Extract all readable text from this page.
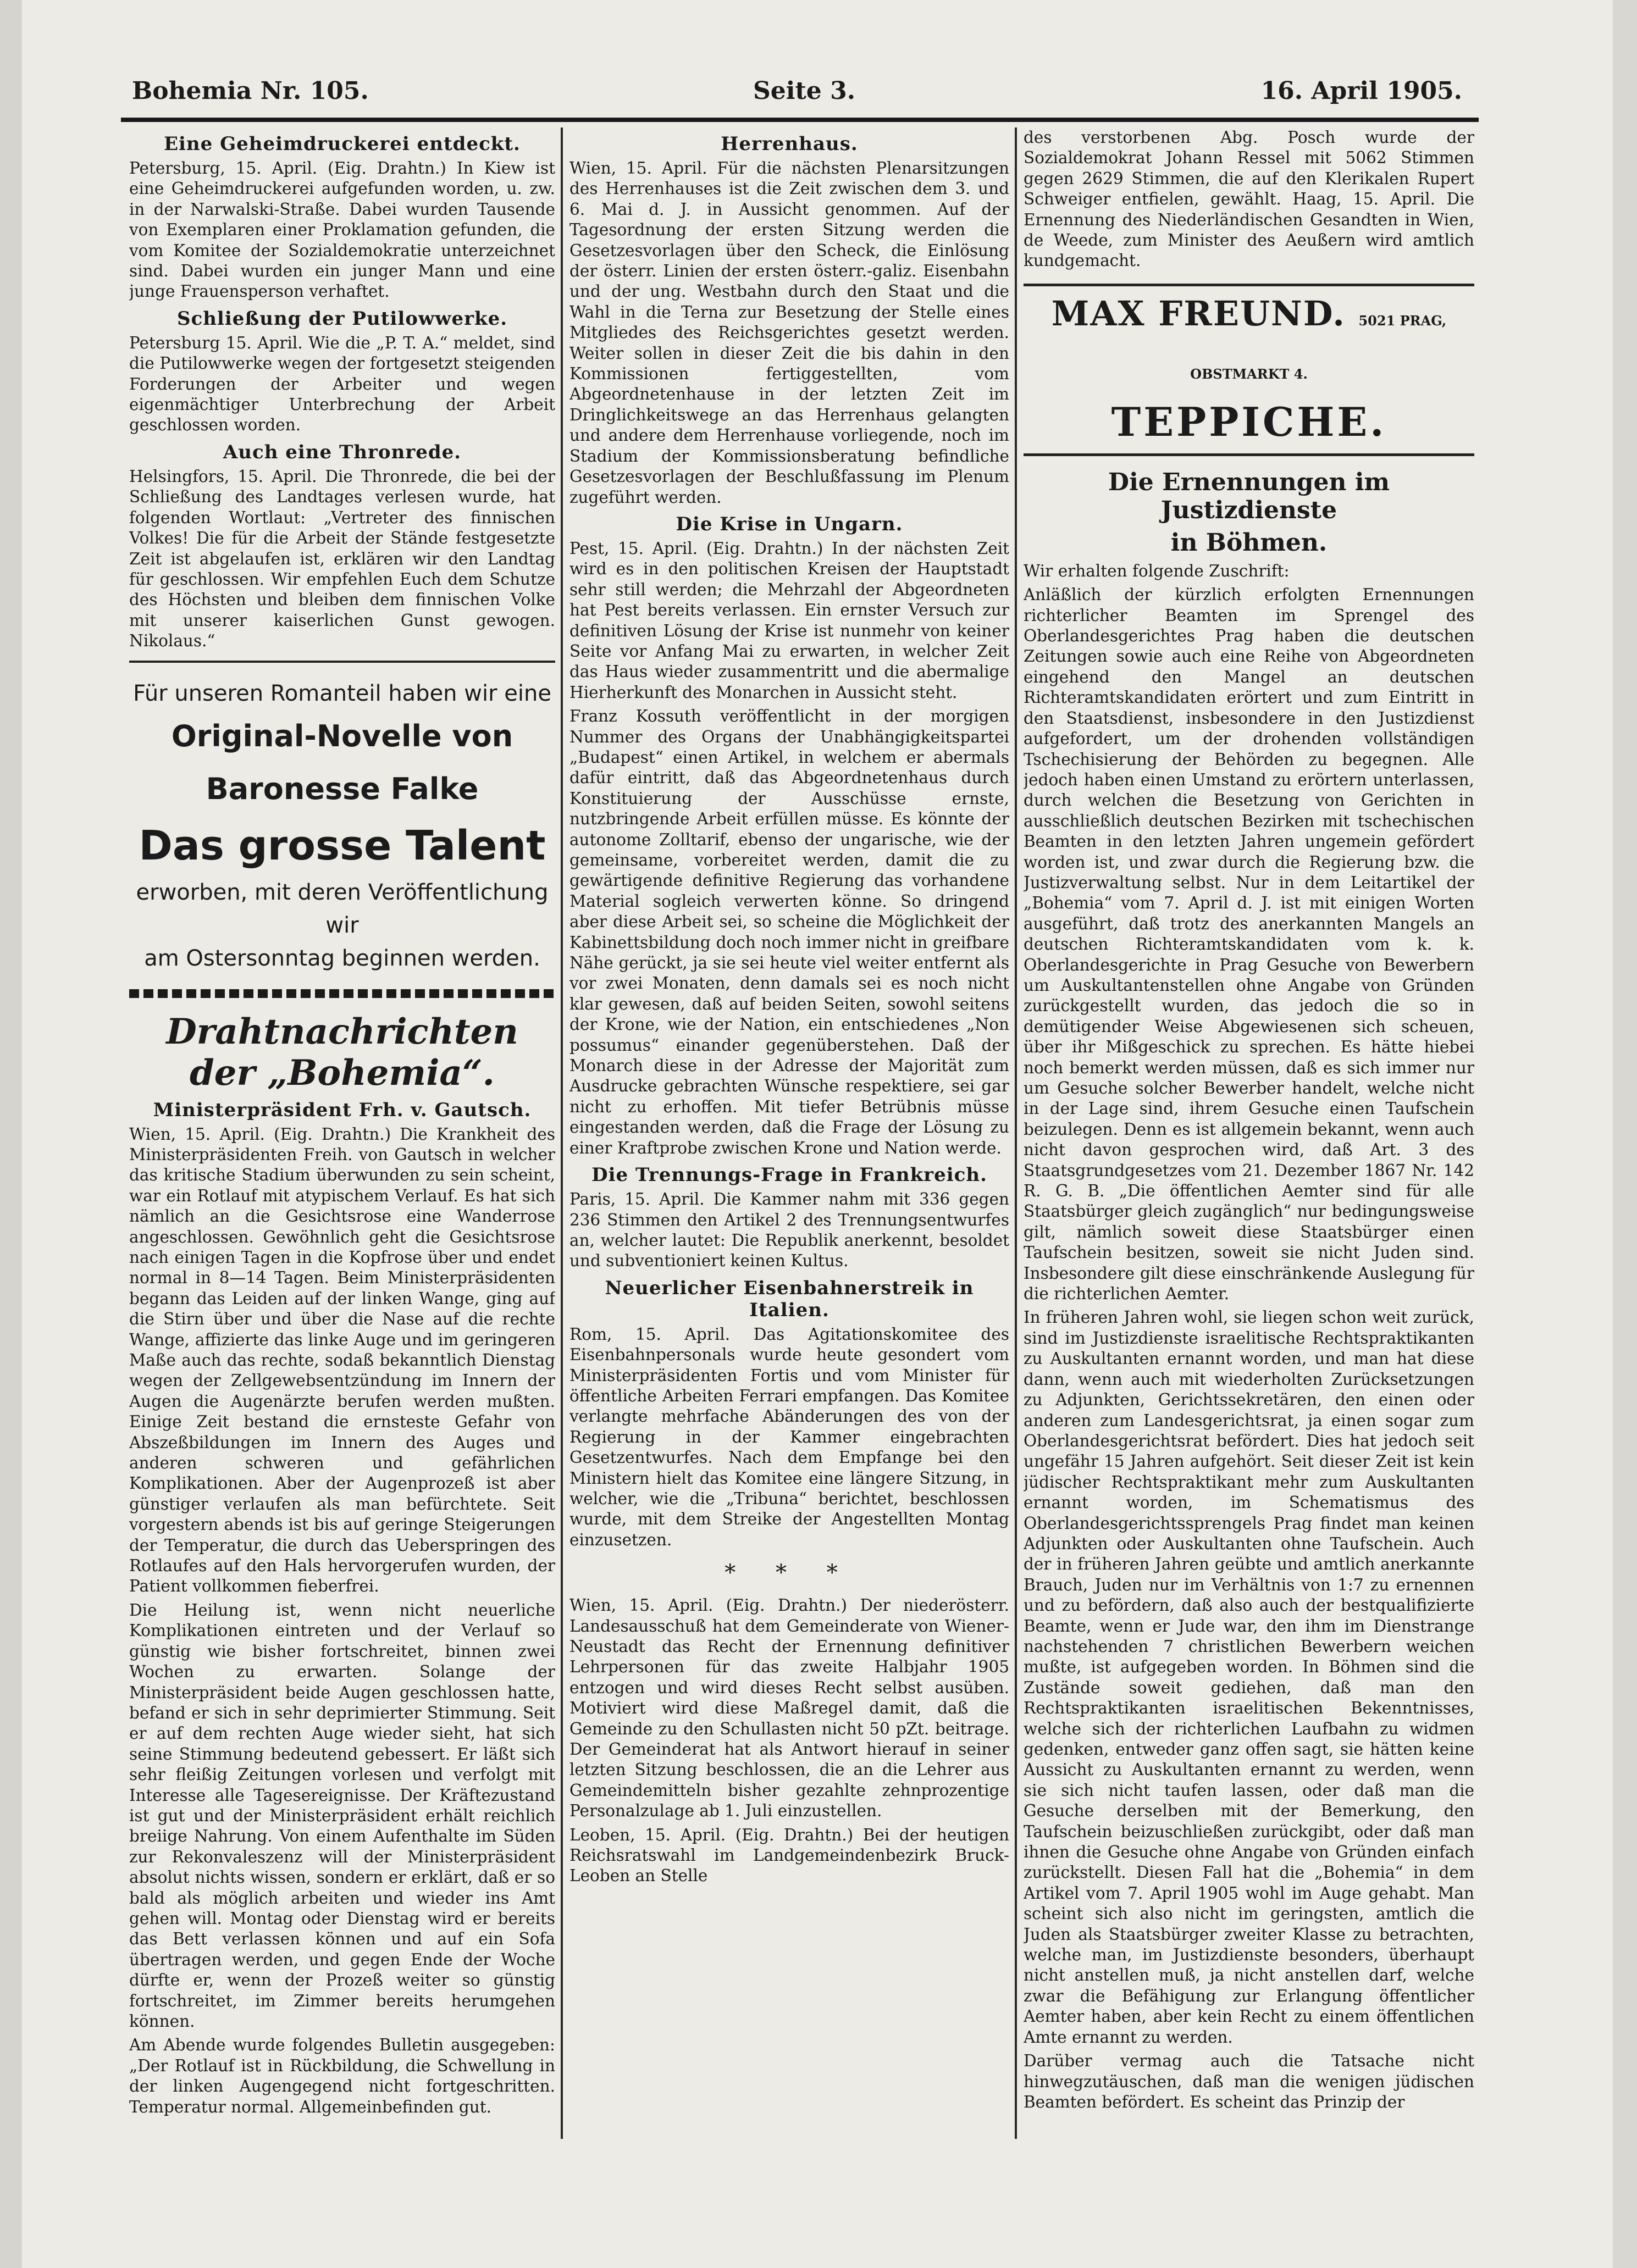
Bohemia Nr. 105.	Seite 3.	16. April 1905.
Eine Geheimdruckerei entdeckt.

Petersburg, 15. April. (Eig. Drahtn.) In Kiew ist eine Geheimdruckerei aufgefunden worden, u. zw. in der Narwalski-Straße. Dabei wurden Tausende von Exemplaren einer Proklamation gefunden, die vom Komitee der Sozialdemokratie unterzeichnet sind. Dabei wurden ein junger Mann und eine junge Frauensperson verhaftet.

Schließung der Putilowwerke.

Petersburg 15. April. Wie die „P. T. A.“ meldet, sind die Putilowwerke wegen der fortgesetzt steigenden Forderungen der Arbeiter und wegen eigenmächtiger Unterbrechung der Arbeit geschlossen worden.

Auch eine Thronrede.

Helsingfors, 15. April. Die Thronrede, die bei der Schließung des Landtages verlesen wurde, hat folgenden Wortlaut: „Vertreter des finnischen Volkes! Die für die Arbeit der Stände festgesetzte Zeit ist abgelaufen ist, erklären wir den Landtag für geschlossen. Wir empfehlen Euch dem Schutze des Höchsten und bleiben dem finnischen Volke mit unserer kaiserlichen Gunst gewogen. Nikolaus.“

Für unseren Romanteil haben wir eine
Original-Novelle von Baronesse Falke
Das grosse Talent
erworben, mit deren Veröffentlichung wir
am Ostersonntag beginnen werden.
Drahtnachrichten der „Bohemia“.
Ministerpräsident Frh. v. Gautsch.

Wien, 15. April. (Eig. Drahtn.) Die Krankheit des Ministerpräsidenten Freih. von Gautsch in welcher das kritische Stadium überwunden zu sein scheint, war ein Rotlauf mit atypischem Verlauf. Es hat sich nämlich an die Gesichtsrose eine Wanderrose angeschlossen. Gewöhnlich geht die Gesichtsrose nach einigen Tagen in die Kopfrose über und endet normal in 8—14 Tagen. Beim Ministerpräsidenten begann das Leiden auf der linken Wange, ging auf die Stirn über und über die Nase auf die rechte Wange, affizierte das linke Auge und im geringeren Maße auch das rechte, sodaß bekanntlich Dienstag wegen der Zellgewebsentzündung im Innern der Augen die Augenärzte berufen werden mußten. Einige Zeit bestand die ernsteste Gefahr von Abszeßbildungen im Innern des Auges und anderen schweren und gefährlichen Komplikationen. Aber der Augenprozeß ist aber günstiger verlaufen als man befürchtete. Seit vorgestern abends ist bis auf geringe Steigerungen der Temperatur, die durch das Ueberspringen des Rotlaufes auf den Hals hervorgerufen wurden, der Patient vollkommen fieberfrei.

Die Heilung ist, wenn nicht neuerliche Komplikationen eintreten und der Verlauf so günstig wie bisher fortschreitet, binnen zwei Wochen zu erwarten. Solange der Ministerpräsident beide Augen geschlossen hatte, befand er sich in sehr deprimierter Stimmung. Seit er auf dem rechten Auge wieder sieht, hat sich seine Stimmung bedeutend gebessert. Er läßt sich sehr fleißig Zeitungen vorlesen und verfolgt mit Interesse alle Tagesereignisse. Der Kräftezustand ist gut und der Ministerpräsident erhält reichlich breiige Nahrung. Von einem Aufenthalte im Süden zur Rekonvaleszenz will der Ministerpräsident absolut nichts wissen, sondern er erklärt, daß er so bald als möglich arbeiten und wieder ins Amt gehen will. Montag oder Dienstag wird er bereits das Bett verlassen können und auf ein Sofa übertragen werden, und gegen Ende der Woche dürfte er, wenn der Prozeß weiter so günstig fortschreitet, im Zimmer bereits herumgehen können.

Am Abende wurde folgendes Bulletin ausgegeben: „Der Rotlauf ist in Rückbildung, die Schwellung in der linken Augengegend nicht fortgeschritten. Temperatur normal. Allgemeinbefinden gut.

Herrenhaus.

Wien, 15. April. Für die nächsten Plenarsitzungen des Herrenhauses ist die Zeit zwischen dem 3. und 6. Mai d. J. in Aussicht genommen. Auf der Tagesordnung der ersten Sitzung werden die Gesetzesvorlagen über den Scheck, die Einlösung der österr. Linien der ersten österr.-galiz. Eisenbahn und der ung. Westbahn durch den Staat und die Wahl in die Terna zur Besetzung der Stelle eines Mitgliedes des Reichsgerichtes gesetzt werden. Weiter sollen in dieser Zeit die bis dahin in den Kommissionen fertiggestellten, vom Abgeordnetenhause in der letzten Zeit im Dringlichkeitswege an das Herrenhaus gelangten und andere dem Herrenhause vorliegende, noch im Stadium der Kommissionsberatung befindliche Gesetzesvorlagen der Beschlußfassung im Plenum zugeführt werden.

Die Krise in Ungarn.

Pest, 15. April. (Eig. Drahtn.) In der nächsten Zeit wird es in den politischen Kreisen der Hauptstadt sehr still werden; die Mehrzahl der Abgeordneten hat Pest bereits verlassen. Ein ernster Versuch zur definitiven Lösung der Krise ist nunmehr von keiner Seite vor Anfang Mai zu erwarten, in welcher Zeit das Haus wieder zusammentritt und die abermalige Hierherkunft des Monarchen in Aussicht steht.

Franz Kossuth veröffentlicht in der morgigen Nummer des Organs der Unabhängigkeitspartei „Budapest“ einen Artikel, in welchem er abermals dafür eintritt, daß das Abgeordnetenhaus durch Konstituierung der Ausschüsse ernste, nutzbringende Arbeit erfüllen müsse. Es könnte der autonome Zolltarif, ebenso der ungarische, wie der gemeinsame, vorbereitet werden, damit die zu gewärtigende definitive Regierung das vorhandene Material sogleich verwerten könne. So dringend aber diese Arbeit sei, so scheine die Möglichkeit der Kabinettsbildung doch noch immer nicht in greifbare Nähe gerückt, ja sie sei heute viel weiter entfernt als vor zwei Monaten, denn damals sei es noch nicht klar gewesen, daß auf beiden Seiten, sowohl seitens der Krone, wie der Nation, ein entschiedenes „Non possumus“ einander gegenüberstehen. Daß der Monarch diese in der Adresse der Majorität zum Ausdrucke gebrachten Wünsche respektiere, sei gar nicht zu erhoffen. Mit tiefer Betrübnis müsse eingestanden werden, daß die Frage der Lösung zu einer Kraftprobe zwischen Krone und Nation werde.

Die Trennungs-Frage in Frankreich.

Paris, 15. April. Die Kammer nahm mit 336 gegen 236 Stimmen den Artikel 2 des Trennungsentwurfes an, welcher lautet: Die Republik anerkennt, besoldet und subventioniert keinen Kultus.

Neuerlicher Eisenbahnerstreik in Italien.

Rom, 15. April. Das Agitationskomitee des Eisenbahnpersonals wurde heute gesondert vom Ministerpräsidenten Fortis und vom Minister für öffentliche Arbeiten Ferrari empfangen. Das Komitee verlangte mehrfache Abänderungen des von der Regierung in der Kammer eingebrachten Gesetzentwurfes. Nach dem Empfange bei den Ministern hielt das Komitee eine längere Sitzung, in welcher, wie die „Tribuna“ berichtet, beschlossen wurde, mit dem Streike der Angestellten Montag einzusetzen.

* * *

Wien, 15. April. (Eig. Drahtn.) Der niederösterr. Landesausschuß hat dem Gemeinderate von Wiener-Neustadt das Recht der Ernennung definitiver Lehrpersonen für das zweite Halbjahr 1905 entzogen und wird dieses Recht selbst ausüben. Motiviert wird diese Maßregel damit, daß die Gemeinde zu den Schullasten nicht 50 pZt. beitrage. Der Gemeinderat hat als Antwort hierauf in seiner letzten Sitzung beschlossen, die an die Lehrer aus Gemeindemitteln bisher gezahlte zehnprozentige Personalzulage ab 1. Juli einzustellen.

Leoben, 15. April. (Eig. Drahtn.) Bei der heutigen Reichsratswahl im Landgemeindenbezirk Bruck-Leoben an Stelle

des verstorbenen Abg. Posch wurde der Sozialdemokrat Johann Ressel mit 5062 Stimmen gegen 2629 Stimmen, die auf den Klerikalen Rupert Schweiger entfielen, gewählt. Haag, 15. April. Die Ernennung des Niederländischen Gesandten in Wien, de Weede, zum Minister des Aeußern wird amtlich kundgemacht.

MAX FREUND. 5021 PRAG, OBSTMARKT 4.
TEPPICHE.
Die Ernennungen im Justizdienste
in Böhmen.

Wir erhalten folgende Zuschrift:

Anläßlich der kürzlich erfolgten Ernennungen richterlicher Beamten im Sprengel des Oberlandesgerichtes Prag haben die deutschen Zeitungen sowie auch eine Reihe von Abgeordneten eingehend den Mangel an deutschen Richteramtskandidaten erörtert und zum Eintritt in den Staatsdienst, insbesondere in den Justizdienst aufgefordert, um der drohenden vollständigen Tschechisierung der Behörden zu begegnen. Alle jedoch haben einen Umstand zu erörtern unterlassen, durch welchen die Besetzung von Gerichten in ausschließlich deutschen Bezirken mit tschechischen Beamten in den letzten Jahren ungemein gefördert worden ist, und zwar durch die Regierung bzw. die Justizverwaltung selbst. Nur in dem Leitartikel der „Bohemia“ vom 7. April d. J. ist mit einigen Worten ausgeführt, daß trotz des anerkannten Mangels an deutschen Richteramtskandidaten vom k. k. Oberlandesgerichte in Prag Gesuche von Bewerbern um Auskultantenstellen ohne Angabe von Gründen zurückgestellt wurden, das jedoch die so in demütigender Weise Abgewiesenen sich scheuen, über ihr Mißgeschick zu sprechen. Es hätte hiebei noch bemerkt werden müssen, daß es sich immer nur um Gesuche solcher Bewerber handelt, welche nicht in der Lage sind, ihrem Gesuche einen Taufschein beizulegen. Denn es ist allgemein bekannt, wenn auch nicht davon gesprochen wird, daß Art. 3 des Staatsgrundgesetzes vom 21. Dezember 1867 Nr. 142 R. G. B. „Die öffentlichen Aemter sind für alle Staatsbürger gleich zugänglich“ nur bedingungsweise gilt, nämlich soweit diese Staatsbürger einen Taufschein besitzen, soweit sie nicht Juden sind. Insbesondere gilt diese einschränkende Auslegung für die richterlichen Aemter.

In früheren Jahren wohl, sie liegen schon weit zurück, sind im Justizdienste israelitische Rechtspraktikanten zu Auskultanten ernannt worden, und man hat diese dann, wenn auch mit wiederholten Zurücksetzungen zu Adjunkten, Gerichtssekretären, den einen oder anderen zum Landesgerichtsrat, ja einen sogar zum Oberlandesgerichtsrat befördert. Dies hat jedoch seit ungefähr 15 Jahren aufgehört. Seit dieser Zeit ist kein jüdischer Rechtspraktikant mehr zum Auskultanten ernannt worden, im Schematismus des Oberlandesgerichtssprengels Prag findet man keinen Adjunkten oder Auskultanten ohne Taufschein. Auch der in früheren Jahren geübte und amtlich anerkannte Brauch, Juden nur im Verhältnis von 1:7 zu ernennen und zu befördern, daß also auch der bestqualifizierte Beamte, wenn er Jude war, den ihm im Dienstrange nachstehenden 7 christlichen Bewerbern weichen mußte, ist aufgegeben worden. In Böhmen sind die Zustände soweit gediehen, daß man den Rechtspraktikanten israelitischen Bekenntnisses, welche sich der richterlichen Laufbahn zu widmen gedenken, entweder ganz offen sagt, sie hätten keine Aussicht zu Auskultanten ernannt zu werden, wenn sie sich nicht taufen lassen, oder daß man die Gesuche derselben mit der Bemerkung, den Taufschein beizuschließen zurückgibt, oder daß man ihnen die Gesuche ohne Angabe von Gründen einfach zurückstellt. Diesen Fall hat die „Bohemia“ in dem Artikel vom 7. April 1905 wohl im Auge gehabt. Man scheint sich also nicht im geringsten, amtlich die Juden als Staatsbürger zweiter Klasse zu betrachten, welche man, im Justizdienste besonders, überhaupt nicht anstellen muß, ja nicht anstellen darf, welche zwar die Befähigung zur Erlangung öffentlicher Aemter haben, aber kein Recht zu einem öffentlichen Amte ernannt zu werden.

Darüber vermag auch die Tatsache nicht hinwegzutäuschen, daß man die wenigen jüdischen Beamten befördert. Es scheint das Prinzip der
